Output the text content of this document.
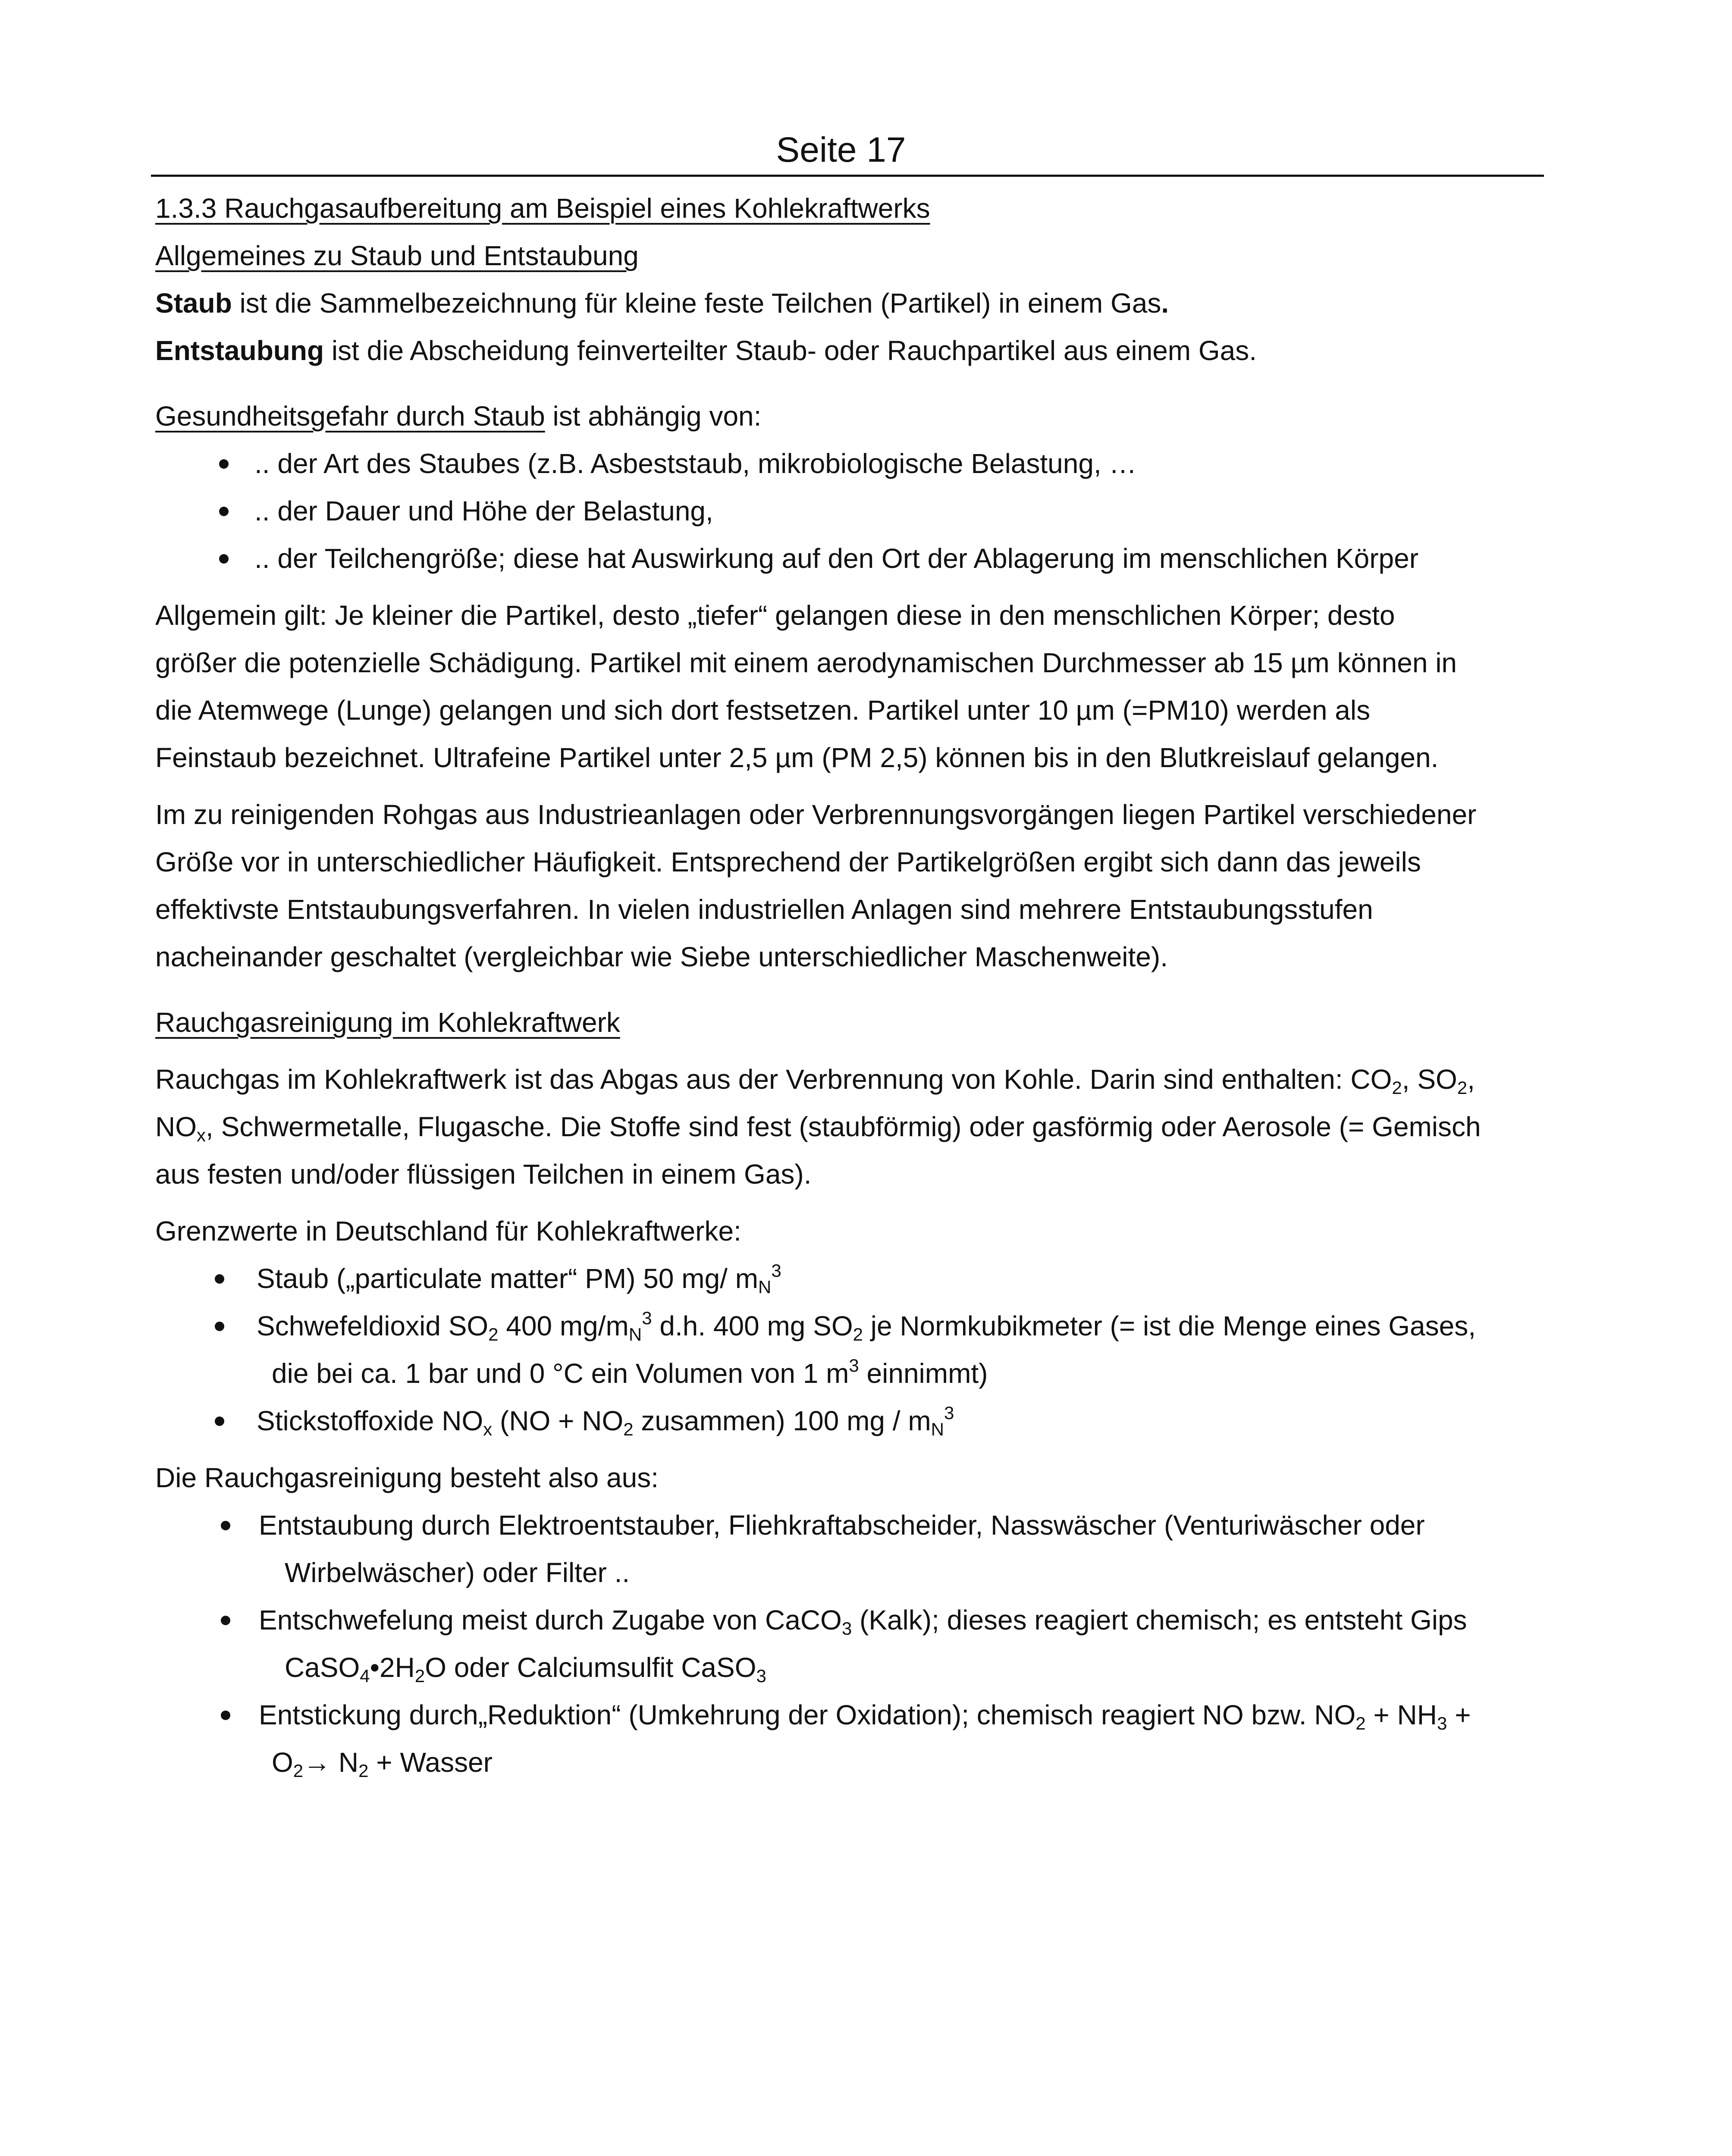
Seite 17
1.3.3 Rauchgasaufbereitung am Beispiel eines Kohlekraftwerks
Allgemeines zu Staub und Entstaubung
Staub ist die Sammelbezeichnung für kleine feste Teilchen (Partikel) in einem Gas.
Entstaubung ist die Abscheidung feinverteilter Staub- oder Rauchpartikel aus einem Gas.
Gesundheitsgefahr durch Staub ist abhängig von:
.. der Art des Staubes (z.B. Asbeststaub, mikrobiologische Belastung, …
.. der Dauer und Höhe der Belastung,
.. der Teilchengröße; diese hat Auswirkung auf den Ort der Ablagerung im menschlichen Körper
Allgemein gilt: Je kleiner die Partikel, desto „tiefer“ gelangen diese in den menschlichen Körper; desto
größer die potenzielle Schädigung. Partikel mit einem aerodynamischen Durchmesser ab 15 µm können in
die Atemwege (Lunge) gelangen und sich dort festsetzen. Partikel unter 10 µm (=PM10) werden als
Feinstaub bezeichnet. Ultrafeine Partikel unter 2,5 µm (PM 2,5) können bis in den Blutkreislauf gelangen.
Im zu reinigenden Rohgas aus Industrieanlagen oder Verbrennungsvorgängen liegen Partikel verschiedener
Größe vor in unterschiedlicher Häufigkeit. Entsprechend der Partikelgrößen ergibt sich dann das jeweils
effektivste Entstaubungsverfahren. In vielen industriellen Anlagen sind mehrere Entstaubungsstufen
nacheinander geschaltet (vergleichbar wie Siebe unterschiedlicher Maschenweite).
Rauchgasreinigung im Kohlekraftwerk
Rauchgas im Kohlekraftwerk ist das Abgas aus der Verbrennung von Kohle. Darin sind enthalten: $CO_2$, $SO_2$,
$NO_x$, Schwermetalle, Flugasche. Die Stoffe sind fest (staubförmig) oder gasförmig oder Aerosole (= Gemisch
aus festen und/oder flüssigen Teilchen in einem Gas).
Grenzwerte in Deutschland für Kohlekraftwerke:
Staub („particulate matter“ PM) 50 mg/ $m_N^3$
Schwefeldioxid $SO_2$ 400 $mg/m_N^3$ d.h. 400 mg $SO_2$ je Normkubikmeter (= ist die Menge eines Gases,
die bei ca. 1 bar und 0 °C ein Volumen von 1 $m^3$ einnimmt)
Stickstoffoxide $NO_x$ ($NO + NO_2$ zusammen) 100 mg / $m_N^3$
Die Rauchgasreinigung besteht also aus:
Entstaubung durch Elektroentstauber, Fliehkraftabscheider, Nasswäscher (Venturiwäscher oder
Wirbelwäscher) oder Filter ..
Entschwefelung meist durch Zugabe von CaCO$_3$ (Kalk); dieses reagiert chemisch; es entsteht Gips
$CaSO_4•2H_2O$ oder Calciumsulfit CaSO$_3$
Entstickung durch„Reduktion“ (Umkehrung der Oxidation); chemisch reagiert NO bzw. $NO_2 + NH_3$ +
$O_2\to N_2$ + Wasser
